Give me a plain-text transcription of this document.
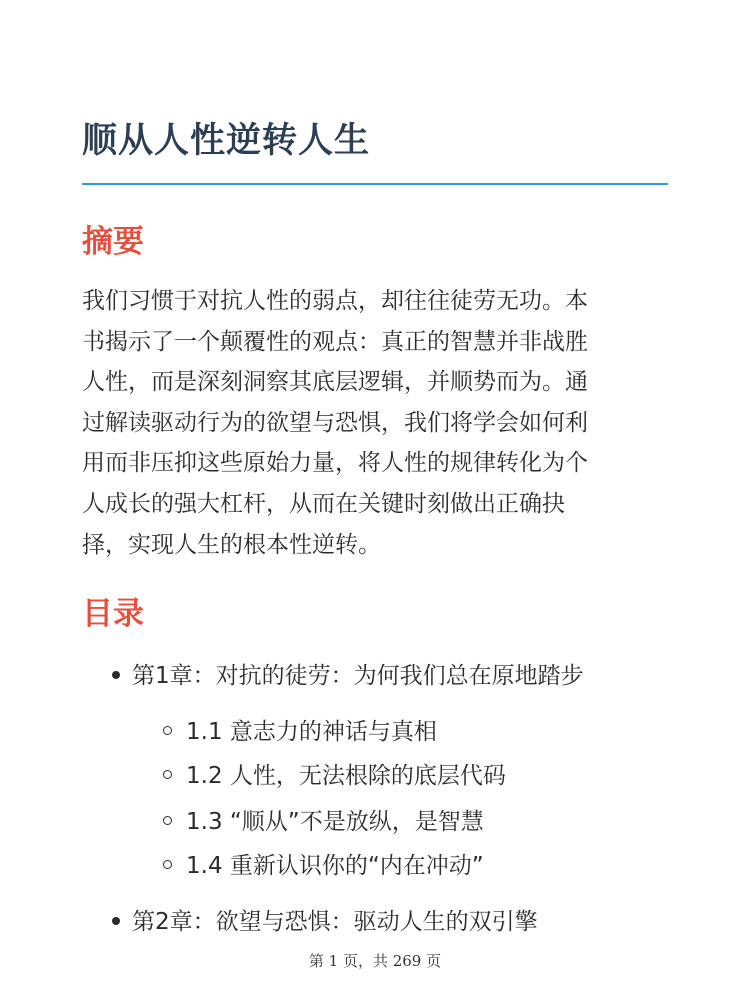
顺从人性逆转人生
摘要

我们习惯于对抗人性的弱点，却往往徒劳无功。本
书揭示了一个颠覆性的观点：真正的智慧并非战胜
人性，而是深刻洞察其底层逻辑，并顺势而为。通
过解读驱动行为的欲望与恐惧，我们将学会如何利
用而非压抑这些原始力量，将人性的规律转化为个
人成长的强大杠杆，从而在关键时刻做出正确抉
择，实现人生的根本性逆转。

目录
第1章：对抗的徒劳：为何我们总在原地踏步
1.1 意志力的神话与真相
1.2 人性，无法根除的底层代码
1.3 “顺从”不是放纵，是智慧
1.4 重新认识你的“内在冲动”
第2章：欲望与恐惧：驱动人生的双引擎
第 1 页，共 269 页
